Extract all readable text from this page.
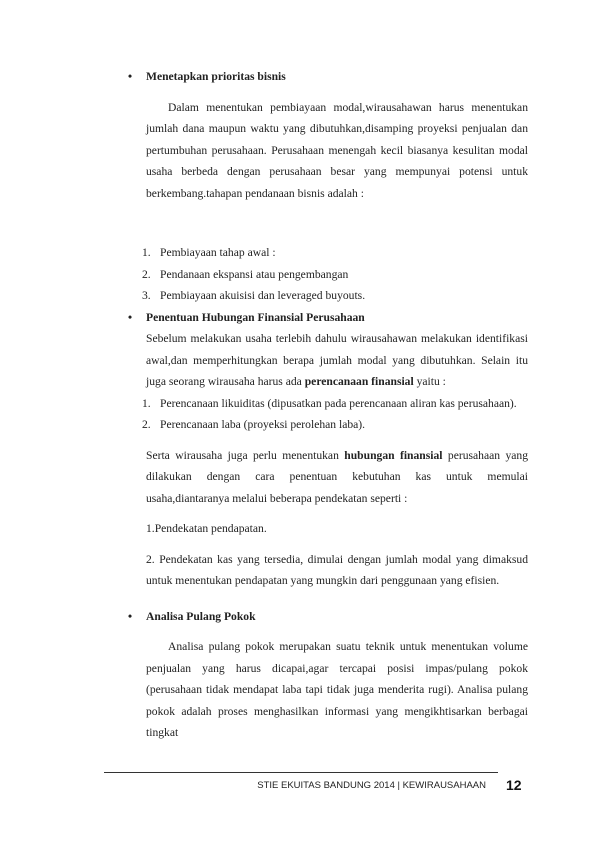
• Menetapkan prioritas bisnis

Dalam menentukan pembiayaan modal,wirausahawan harus menentukan jumlah dana maupun waktu yang dibutuhkan,disamping proyeksi penjualan dan pertumbuhan perusahaan. Perusahaan menengah kecil biasanya kesulitan modal usaha berbeda dengan perusahaan besar yang mempunyai potensi untuk berkembang.tahapan pendanaan bisnis adalah :

1. Pembiayaan tahap awal :
2. Pendanaan ekspansi atau pengembangan
3. Pembiayaan akuisisi dan leveraged buyouts.

• Penentuan Hubungan Finansial Perusahaan

Sebelum melakukan usaha terlebih dahulu wirausahawan melakukan identifikasi awal,dan memperhitungkan berapa jumlah modal yang dibutuhkan. Selain itu juga seorang wirausaha harus ada perencanaan finansial yaitu :

1. Perencanaan likuiditas (dipusatkan pada perencanaan aliran kas perusahaan).
2. Perencanaan laba (proyeksi perolehan laba).

Serta wirausaha juga perlu menentukan hubungan finansial perusahaan yang dilakukan dengan cara penentuan kebutuhan kas untuk memulai usaha,diantaranya melalui beberapa pendekatan seperti :

1.Pendekatan pendapatan.

2. Pendekatan kas yang tersedia, dimulai dengan jumlah modal yang dimaksud untuk menentukan pendapatan yang mungkin dari penggunaan yang efisien.

• Analisa Pulang Pokok

Analisa pulang pokok merupakan suatu teknik untuk menentukan volume penjualan yang harus dicapai,agar tercapai posisi impas/pulang pokok (perusahaan tidak mendapat laba tapi tidak juga menderita rugi). Analisa pulang pokok adalah proses menghasilkan informasi yang mengikhtisarkan berbagai tingkat

STIE EKUITAS BANDUNG 2014 | KEWIRAUSAHAAN 12
